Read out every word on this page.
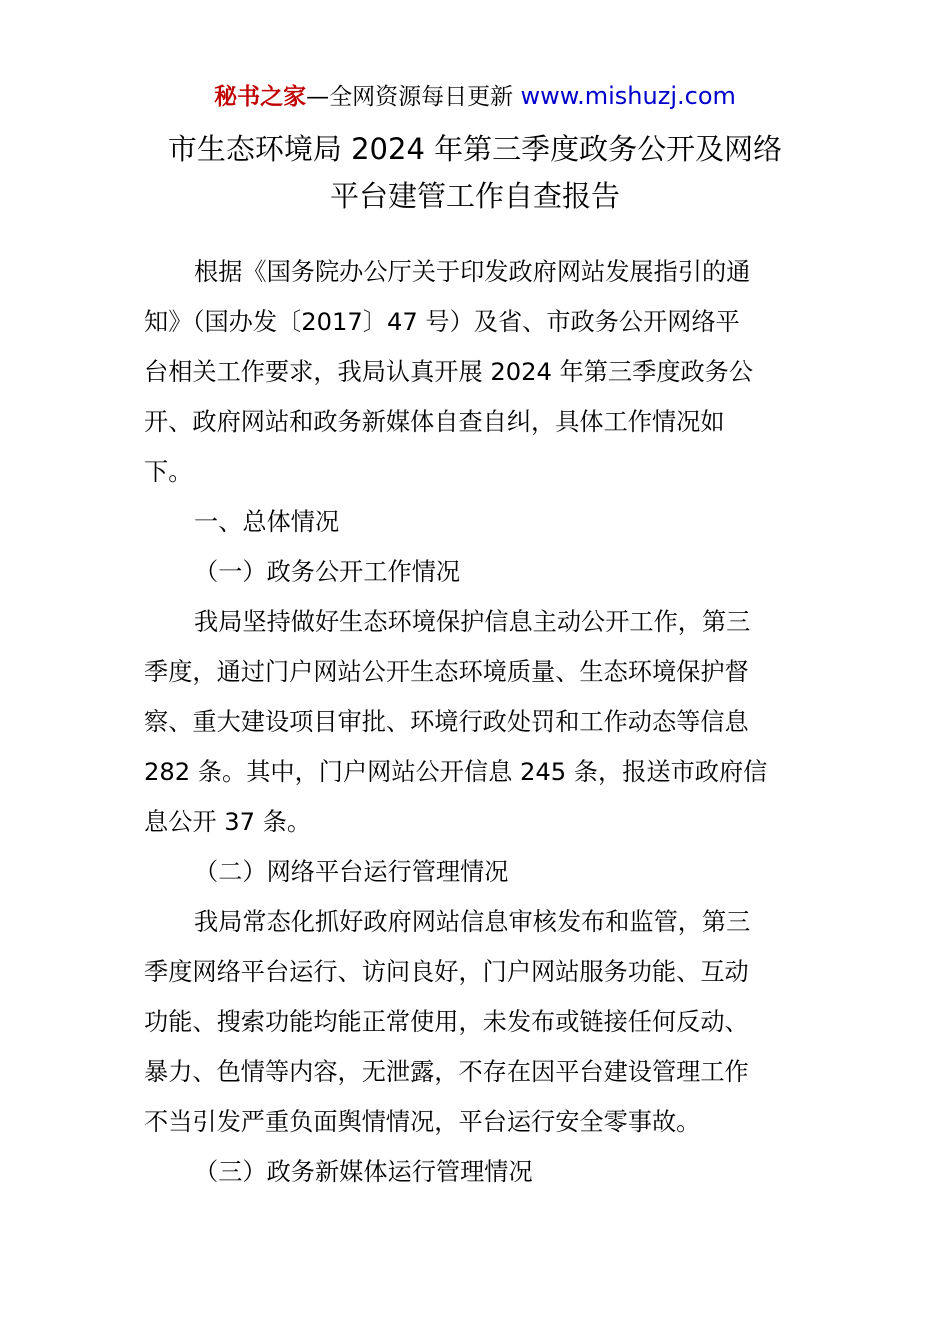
秘书之家—全网资源每日更新 www.mishuzj.com
市生态环境局 2024 年第三季度政务公开及网络
平台建管工作自查报告
根据《国务院办公厅关于印发政府网站发展指引的通
知》（国办发〔2017〕47 号）及省、市政务公开网络平
台相关工作要求，我局认真开展 2024 年第三季度政务公
开、政府网站和政务新媒体自查自纠，具体工作情况如
下。
一、总体情况
（一）政务公开工作情况
我局坚持做好生态环境保护信息主动公开工作，第三
季度，通过门户网站公开生态环境质量、生态环境保护督
察、重大建设项目审批、环境行政处罚和工作动态等信息
282 条。其中，门户网站公开信息 245 条，报送市政府信
息公开 37 条。
（二）网络平台运行管理情况
我局常态化抓好政府网站信息审核发布和监管，第三
季度网络平台运行、访问良好，门户网站服务功能、互动
功能、搜索功能均能正常使用，未发布或链接任何反动、
暴力、色情等内容，无泄露，不存在因平台建设管理工作
不当引发严重负面舆情情况，平台运行安全零事故。
（三）政务新媒体运行管理情况
